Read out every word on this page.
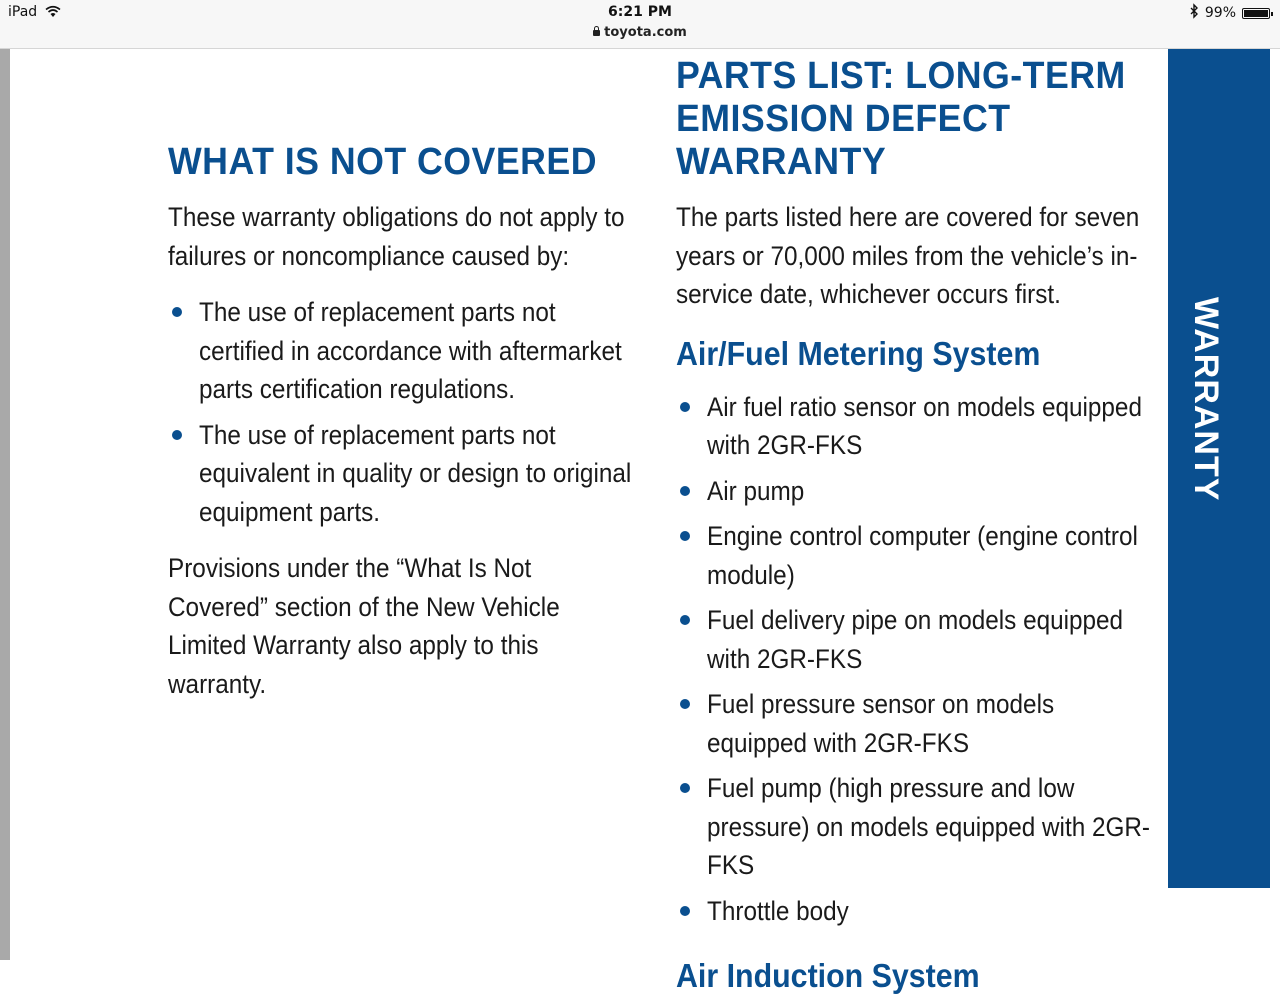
iPad	6:21 PM
toyota.com
99%
WARRANTY
WHAT IS NOT COVERED

These warranty obligations do not apply to failures or noncompliance caused by:

The use of replacement parts not certified in accordance with aftermarket parts certification regulations.
The use of replacement parts not equivalent in quality or design to original equipment parts.

Provisions under the “What Is Not Covered” section of the New Vehicle Limited Warranty also apply to this warranty.

PARTS LIST: LONG-TERM
EMISSION DEFECT
WARRANTY

The parts listed here are covered for seven years or 70,000 miles from the vehicle’s in-service date, whichever occurs first.

Air/Fuel Metering System
Air fuel ratio sensor on models equipped with 2GR-FKS
Air pump
Engine control computer (engine control module)
Fuel delivery pipe on models equipped with 2GR-FKS
Fuel pressure sensor on models equipped with 2GR-FKS
Fuel pump (high pressure and low pressure) on models equipped with 2GR-FKS
Throttle body
Air Induction System
